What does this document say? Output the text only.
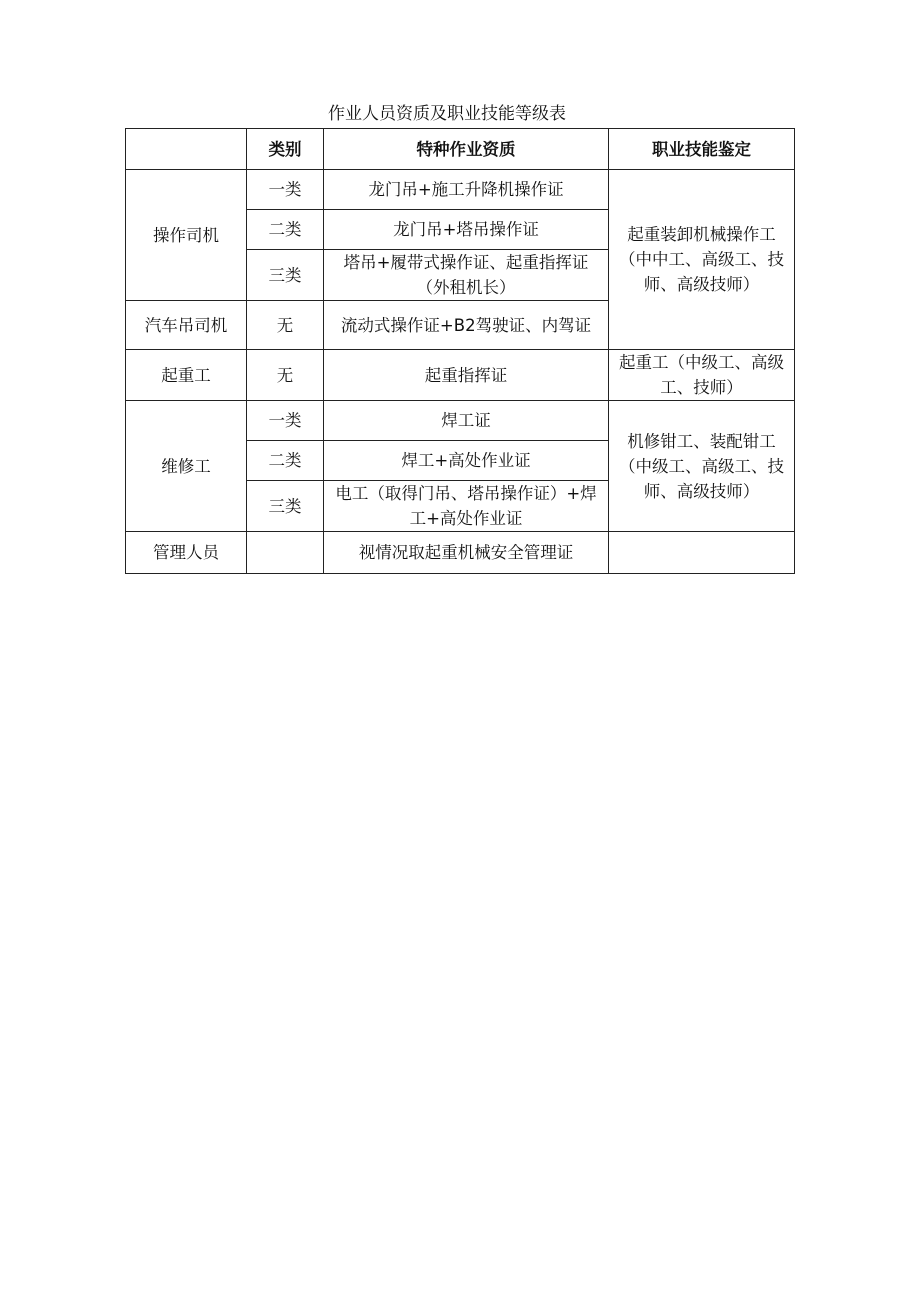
作业人员资质及职业技能等级表
	类别	特种作业资质	职业技能鉴定
操作司机	一类	龙门吊+施工升降机操作证	起重装卸机械操作工（中中工、高级工、技师、高级技师）
	二类	龙门吊+塔吊操作证	
	三类	塔吊+履带式操作证、起重指挥证（外租机长）	
汽车吊司机	无	流动式操作证+B2驾驶证、内驾证	
起重工	无	起重指挥证	起重工（中级工、高级工、技师）
维修工	一类	焊工证	机修钳工、装配钳工（中级工、高级工、技师、高级技师）
	二类	焊工+高处作业证	
	三类	电工（取得门吊、塔吊操作证）+焊工+高处作业证	
管理人员		视情况取起重机械安全管理证	
